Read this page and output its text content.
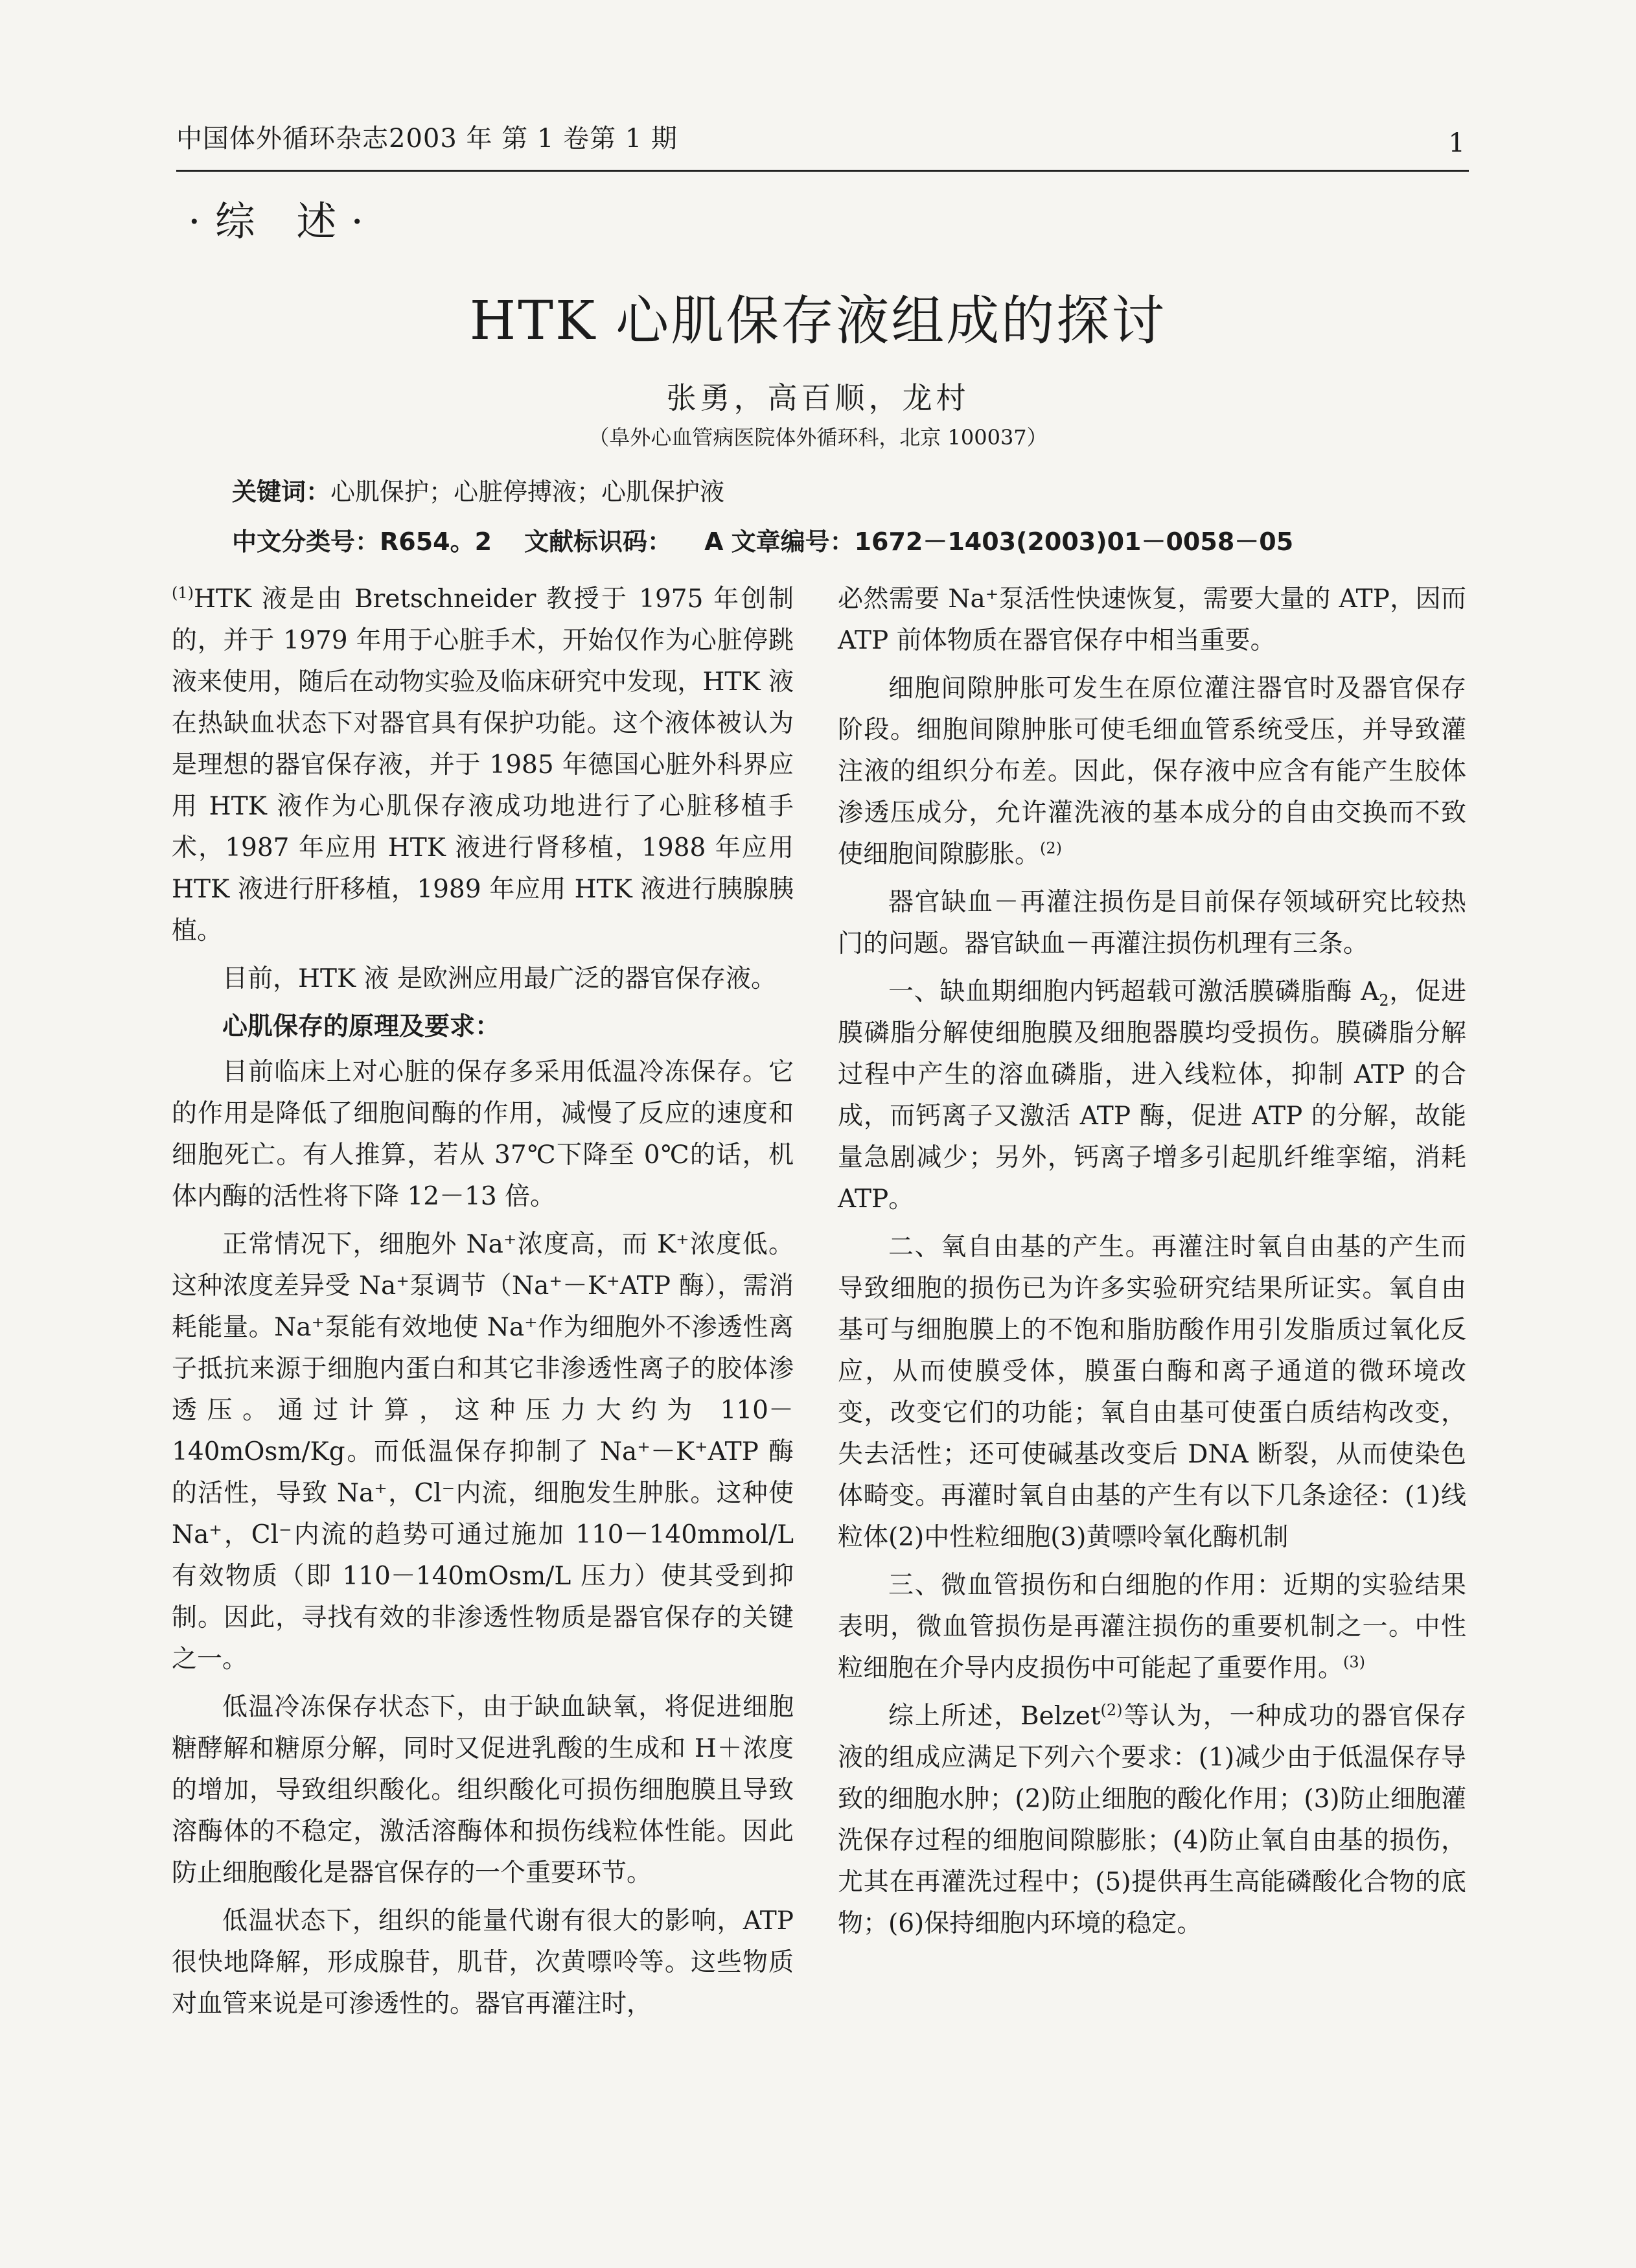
中国体外循环杂志2003 年 第 1 卷第 1 期	1
·综 述·
HTK 心肌保存液组成的探讨
张勇，高百顺，龙村
（阜外心血管病医院体外循环科，北京 100037）
关键词：心肌保护；心脏停搏液；心肌保护液
中文分类号：R654。2 文献标识码： A 文章编号：1672－1403(2003)01－0058－05

$^{(1)}$HTK 液是由 Bretschneider 教授于 1975 年创制的，并于 1979 年用于心脏手术，开始仅作为心脏停跳液来使用，随后在动物实验及临床研究中发现，HTK 液在热缺血状态下对器官具有保护功能。这个液体被认为是理想的器官保存液，并于 1985 年德国心脏外科界应用 HTK 液作为心肌保存液成功地进行了心脏移植手术，1987 年应用 HTK 液进行肾移植，1988 年应用 HTK 液进行肝移植，1989 年应用 HTK 液进行胰腺胰植。

目前，HTK 液 是欧洲应用最广泛的器官保存液。

心肌保存的原理及要求：

目前临床上对心脏的保存多采用低温冷冻保存。它的作用是降低了细胞间酶的作用，减慢了反应的速度和细胞死亡。有人推算，若从 37℃下降至 0℃的话，机体内酶的活性将下降 12－13 倍。

正常情况下，细胞外 Na⁺浓度高，而 K⁺浓度低。这种浓度差异受 Na⁺泵调节（Na⁺－K⁺ATP 酶），需消耗能量。Na⁺泵能有效地使 Na⁺作为细胞外不渗透性离子抵抗来源于细胞内蛋白和其它非渗透性离子的胶体渗透压。通过计算，这种压力大约为 110－140mOsm/Kg。而低温保存抑制了 Na⁺－K⁺ATP 酶的活性，导致 Na⁺，Cl⁻内流，细胞发生肿胀。这种使 Na⁺，Cl⁻内流的趋势可通过施加 110－140mmol/L 有效物质（即 110－140mOsm/L 压力）使其受到抑制。因此，寻找有效的非渗透性物质是器官保存的关键之一。

低温冷冻保存状态下，由于缺血缺氧，将促进细胞糖酵解和糖原分解，同时又促进乳酸的生成和 H＋浓度的增加，导致组织酸化。组织酸化可损伤细胞膜且导致溶酶体的不稳定，激活溶酶体和损伤线粒体性能。因此防止细胞酸化是器官保存的一个重要环节。

低温状态下，组织的能量代谢有很大的影响，ATP 很快地降解，形成腺苷，肌苷，次黄嘌呤等。这些物质对血管来说是可渗透性的。器官再灌注时，

必然需要 Na⁺泵活性快速恢复，需要大量的 ATP，因而 ATP 前体物质在器官保存中相当重要。

细胞间隙肿胀可发生在原位灌注器官时及器官保存阶段。细胞间隙肿胀可使毛细血管系统受压，并导致灌注液的组织分布差。因此，保存液中应含有能产生胶体渗透压成分，允许灌洗液的基本成分的自由交换而不致使细胞间隙膨胀。$^{(2)}$

器官缺血－再灌注损伤是目前保存领域研究比较热门的问题。器官缺血－再灌注损伤机理有三条。

一、缺血期细胞内钙超载可激活膜磷脂酶 $A_2$，促进膜磷脂分解使细胞膜及细胞器膜均受损伤。膜磷脂分解过程中产生的溶血磷脂，进入线粒体，抑制 ATP 的合成，而钙离子又激活 ATP 酶，促进 ATP 的分解，故能量急剧减少；另外，钙离子增多引起肌纤维挛缩，消耗 ATP。

二、氧自由基的产生。再灌注时氧自由基的产生而导致细胞的损伤已为许多实验研究结果所证实。氧自由基可与细胞膜上的不饱和脂肪酸作用引发脂质过氧化反应，从而使膜受体，膜蛋白酶和离子通道的微环境改变，改变它们的功能；氧自由基可使蛋白质结构改变，失去活性；还可使碱基改变后 DNA 断裂，从而使染色体畸变。再灌时氧自由基的产生有以下几条途径：(1)线粒体(2)中性粒细胞(3)黄嘌呤氧化酶机制

三、微血管损伤和白细胞的作用：近期的实验结果表明，微血管损伤是再灌注损伤的重要机制之一。中性粒细胞在介导内皮损伤中可能起了重要作用。$^{(3)}$

综上所述，Belzet$^{(2)}$等认为，一种成功的器官保存液的组成应满足下列六个要求：(1)减少由于低温保存导致的细胞水肿；(2)防止细胞的酸化作用；(3)防止细胞灌洗保存过程的细胞间隙膨胀；(4)防止氧自由基的损伤，尤其在再灌洗过程中；(5)提供再生高能磷酸化合物的底物；(6)保持细胞内环境的稳定。
